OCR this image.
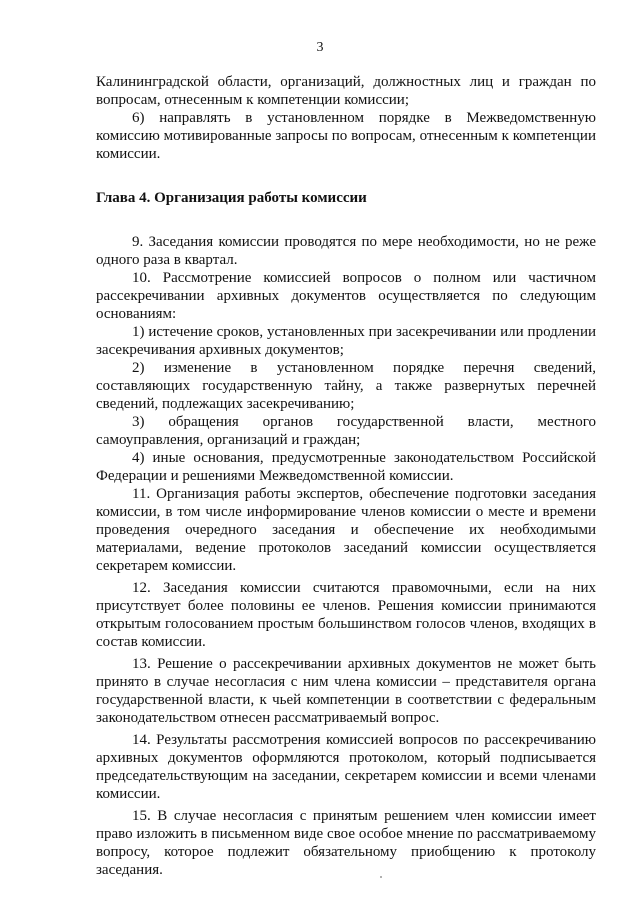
3

Калининградской области, организаций, должностных лиц и граждан по вопросам, отнесенным к компетенции комиссии;

6) направлять в установленном порядке в Межведомственную комиссию мотивированные запросы по вопросам, отнесенным к компетенции комиссии.

Глава 4. Организация работы комиссии

9. Заседания комиссии проводятся по мере необходимости, но не реже одного раза в квартал.

10. Рассмотрение комиссией вопросов о полном или частичном рассекречивании архивных документов осуществляется по следующим основаниям:

1) истечение сроков, установленных при засекречивании или продлении засекречивания архивных документов;

2) изменение в установленном порядке перечня сведений, составляющих государственную тайну, а также развернутых перечней сведений, подлежащих засекречиванию;

3) обращения органов государственной власти, местного самоуправления, организаций и граждан;

4) иные основания, предусмотренные законодательством Российской Федерации и решениями Межведомственной комиссии.

11. Организация работы экспертов, обеспечение подготовки заседания комиссии, в том числе информирование членов комиссии о месте и времени проведения очередного заседания и обеспечение их необходимыми материалами, ведение протоколов заседаний комиссии осуществляется секретарем комиссии.

12. Заседания комиссии считаются правомочными, если на них присутствует более половины ее членов. Решения комиссии принимаются открытым голосованием простым большинством голосов членов, входящих в состав комиссии.

13. Решение о рассекречивании архивных документов не может быть принято в случае несогласия с ним члена комиссии – представителя органа государственной власти, к чьей компетенции в соответствии с федеральным законодательством отнесен рассматриваемый вопрос.

14. Результаты рассмотрения комиссией вопросов по рассекречиванию архивных документов оформляются протоколом, который подписывается председательствующим на заседании, секретарем комиссии и всеми членами комиссии.

15. В случае несогласия с принятым решением член комиссии имеет право изложить в письменном виде свое особое мнение по рассматриваемому вопросу, которое подлежит обязательному приобщению к протоколу заседания.
